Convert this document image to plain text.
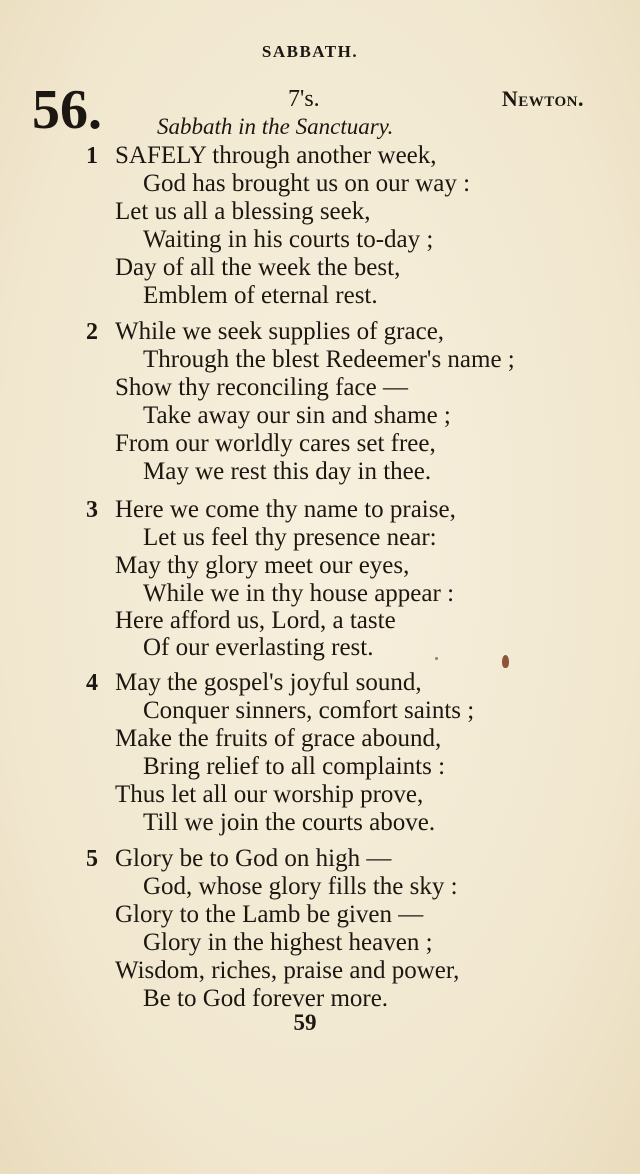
SABBATH.
56.	7's.	Newton.
Sabbath in the Sanctuary.
1 SAFELY through another week,
God has brought us on our way :
Let us all a blessing seek,
Waiting in his courts to-day ;
Day of all the week the best,
Emblem of eternal rest.
2 While we seek supplies of grace,
Through the blest Redeemer's name ;
Show thy reconciling face —
Take away our sin and shame ;
From our worldly cares set free,
May we rest this day in thee.
3 Here we come thy name to praise,
Let us feel thy presence near:
May thy glory meet our eyes,
While we in thy house appear :
Here afford us, Lord, a taste
Of our everlasting rest.
4 May the gospel's joyful sound,
Conquer sinners, comfort saints ;
Make the fruits of grace abound,
Bring relief to all complaints :
Thus let all our worship prove,
Till we join the courts above.
5 Glory be to God on high —
God, whose glory fills the sky :
Glory to the Lamb be given —
Glory in the highest heaven ;
Wisdom, riches, praise and power,
Be to God forever more.
59
